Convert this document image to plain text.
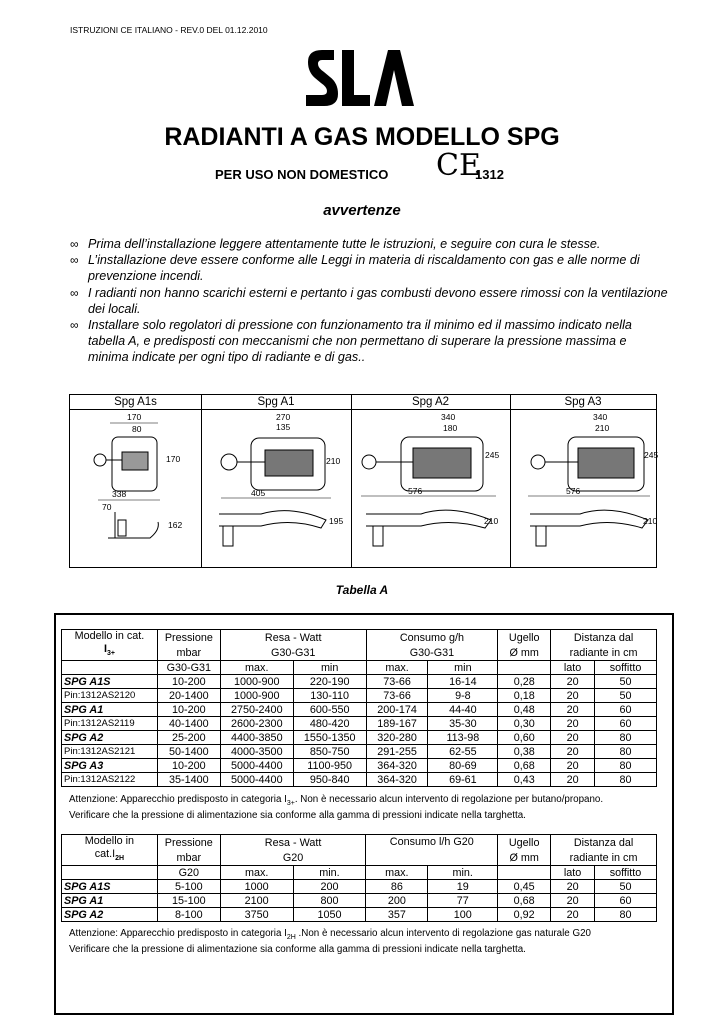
ISTRUZIONI CE ITALIANO - REV.0 DEL 01.12.2010
SLA
RADIANTI A GAS MODELLO SPG
PER USO NON DOMESTICO CE
1312
avvertenze
∞ Prima dell’installazione leggere attentamente tutte le istruzioni, e seguire con cura le stesse.
∞ L’installazione deve essere conforme alle Leggi in materia di riscaldamento con gas e alle norme di prevenzione incendi.
∞ I radianti non hanno scarichi esterni e pertanto i gas combusti devono essere rimossi con la ventilazione dei locali.
∞ Installare solo regolatori di pressione con funzionamento tra il minimo ed il massimo indicato nella tabella A, e predisposti con meccanismi che non permettano di superare la pressione massima e minima indicate per ogni tipo di radiante e di gas..
Spg A1s
170
80
170
338
70
162
Spg A1
270
135
210
405
195
Spg A2
340
180
245
576
210
Spg A3
340
210
245
576
210
Tabella A
Modello in cat.
$I_{3+}$	Pressione	Resa - Watt		Consumo g/h		Ugello	Distanza dal	
	mbar	G30-G31		G30-G31		Ø mm	radiante in cm	
	G30-G31	max.	min	max.	min		lato	soffitto
SPG A1S	10-200	1000-900	220-190	73-66	16-14	0,28	20	50
Pin:1312AS2120	20-1400	1000-900	130-110	73-66	9-8	0,18	20	50
SPG A1	10-200	2750-2400	600-550	200-174	44-40	0,48	20	60
Pin:1312AS2119	40-1400	2600-2300	480-420	189-167	35-30	0,30	20	60
SPG A2	25-200	4400-3850	1550-1350	320-280	113-98	0,60	20	80
Pin:1312AS2121	50-1400	4000-3500	850-750	291-255	62-55	0,38	20	80
SPG A3	10-200	5000-4400	1100-950	364-320	80-69	0,68	20	80
Pin:1312AS2122	35-1400	5000-4400	950-840	364-320	69-61	0,43	20	80
Attenzione: Apparecchio predisposto in categoria $I_{3+}$. Non è necessario alcun intervento di regolazione per butano/propano.
Verificare che la pressione di alimentazione sia conforme alla gamma di pressioni indicate nella targhetta.
Modello in
$cat.I_{2H}$	Pressione	Resa - Watt		Consumo l/h G20		Ugello	Distanza dal	
	mbar	G20				Ø mm	radiante in cm	
	G20	max.	min.	max.	min.		lato	soffitto
SPG A1S	5-100	1000	200	86	19	0,45	20	50
SPG A1	15-100	2100	800	200	77	0,68	20	60
SPG A2	8-100	3750	1050	357	100	0,92	20	80
Attenzione: Apparecchio predisposto in categoria $I_{2H}$ .Non è necessario alcun intervento di regolazione gas naturale G20
Verificare che la pressione di alimentazione sia conforme alla gamma di pressioni indicate nella targhetta.
